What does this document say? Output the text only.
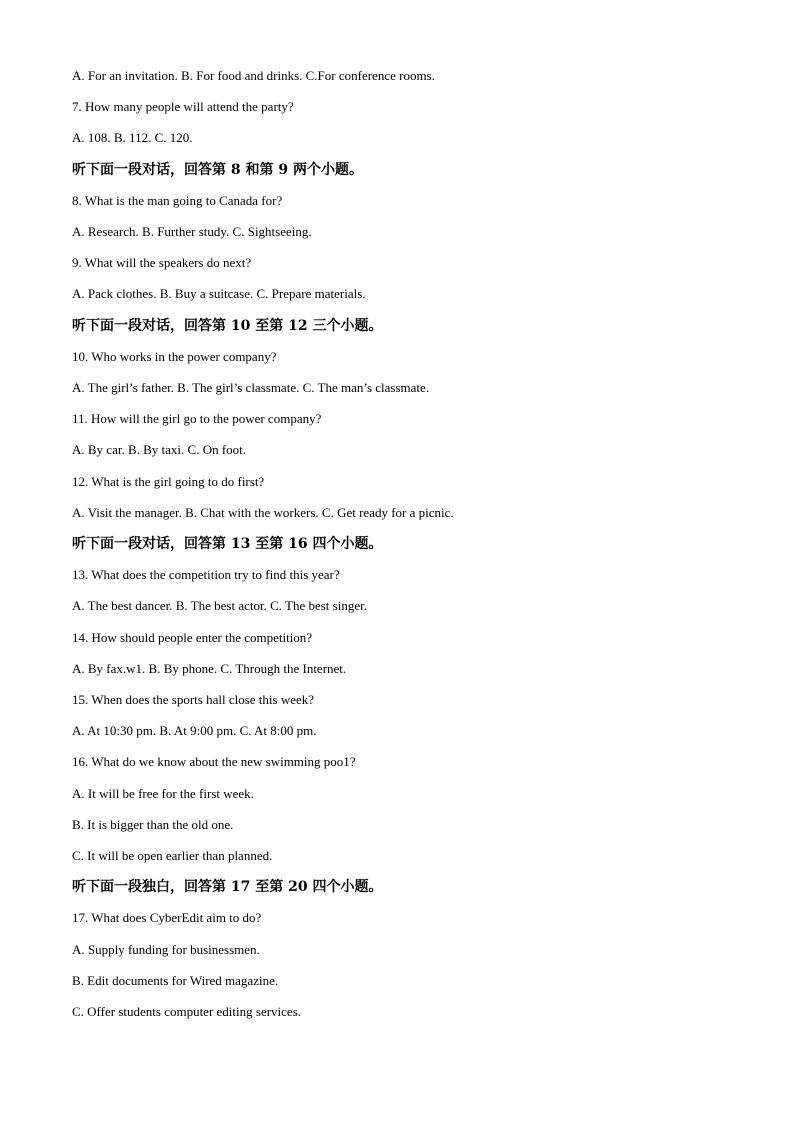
A. For an invitation. B. For food and drinks. C.For conference rooms.
7. How many people will attend the party?
A. 108. B. 112. C. 120.
听下面一段对话，回答第 8 和第 9 两个小题。
8. What is the man going to Canada for?
A. Research. B. Further study. C. Sightseeing.
9. What will the speakers do next?
A. Pack clothes. B. Buy a suitcase. C. Prepare materials.
听下面一段对话，回答第 10 至第 12 三个小题。
10. Who works in the power company?
A. The girl’s father. B. The girl’s classmate. C. The man’s classmate.
11. How will the girl go to the power company?
A. By car. B. By taxi. C. On foot.
12. What is the girl going to do first?
A. Visit the manager. B. Chat with the workers. C. Get ready for a picnic.
听下面一段对话，回答第 13 至第 16 四个小题。
13. What does the competition try to find this year?
A. The best dancer. B. The best actor. C. The best singer.
14. How should people enter the competition?
A. By fax.w1. B. By phone. C. Through the Internet.
15. When does the sports hall close this week?
A. At 10:30 pm. B. At 9:00 pm. C. At 8:00 pm.
16. What do we know about the new swimming poo1?
A. It will be free for the first week.
B. It is bigger than the old one.
C. It will be open earlier than planned.
听下面一段独白，回答第 17 至第 20 四个小题。
17. What does CyberEdit aim to do?
A. Supply funding for businessmen.
B. Edit documents for Wired magazine.
C. Offer students computer editing services.
